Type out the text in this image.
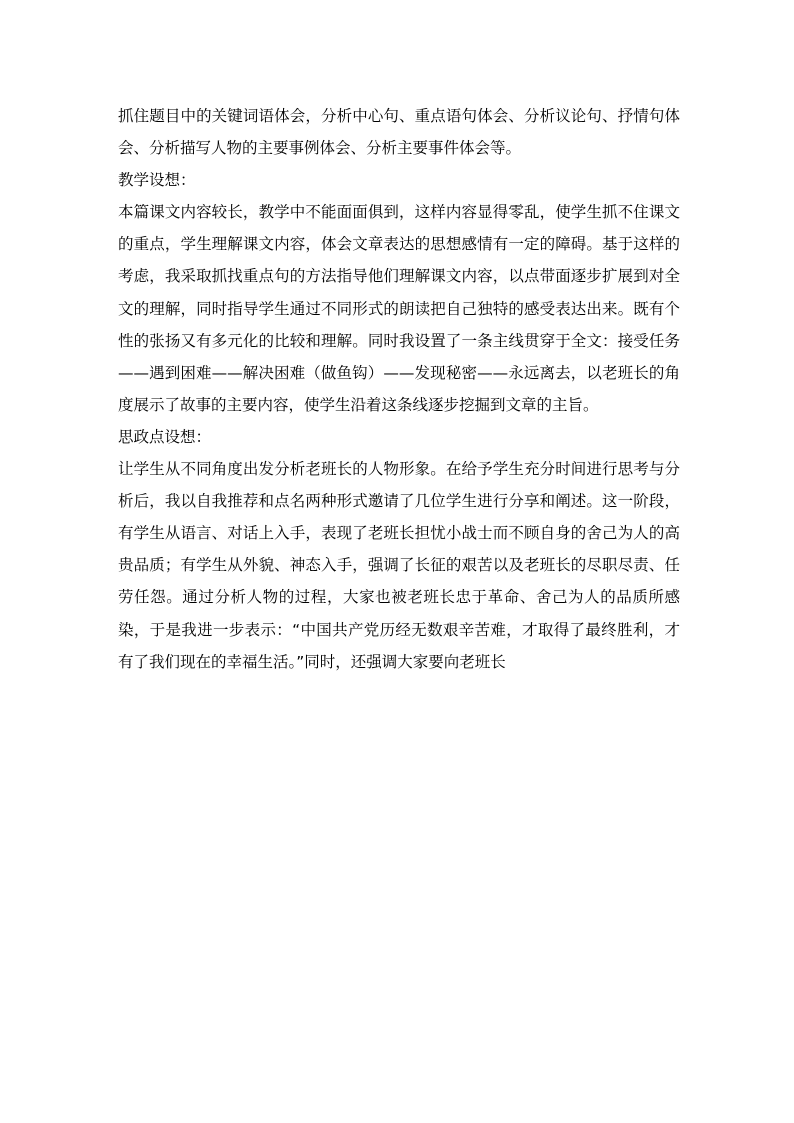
抓住题目中的关键词语体会，分析中心句、重点语句体会、分析议论句、抒情句体会、分析描写人物的主要事例体会、分析主要事件体会等。

教学设想：

本篇课文内容较长，教学中不能面面俱到，这样内容显得零乱，使学生抓不住课文的重点，学生理解课文内容，体会文章表达的思想感情有一定的障碍。基于这样的考虑，我采取抓找重点句的方法指导他们理解课文内容，以点带面逐步扩展到对全文的理解，同时指导学生通过不同形式的朗读把自己独特的感受表达出来。既有个性的张扬又有多元化的比较和理解。同时我设置了一条主线贯穿于全文：接受任务——遇到困难——解决困难（做鱼钩）——发现秘密——永远离去，以老班长的角度展示了故事的主要内容，使学生沿着这条线逐步挖掘到文章的主旨。

思政点设想：

让学生从不同角度出发分析老班长的人物形象。在给予学生充分时间进行思考与分析后，我以自我推荐和点名两种形式邀请了几位学生进行分享和阐述。这一阶段，有学生从语言、对话上入手，表现了老班长担忧小战士而不顾自身的舍己为人的高贵品质；有学生从外貌、神态入手，强调了长征的艰苦以及老班长的尽职尽责、任劳任怨。通过分析人物的过程，大家也被老班长忠于革命、舍己为人的品质所感染，于是我进一步表示：“中国共产党历经无数艰辛苦难，才取得了最终胜利，才有了我们现在的幸福生活。”同时，还强调大家要向老班长
